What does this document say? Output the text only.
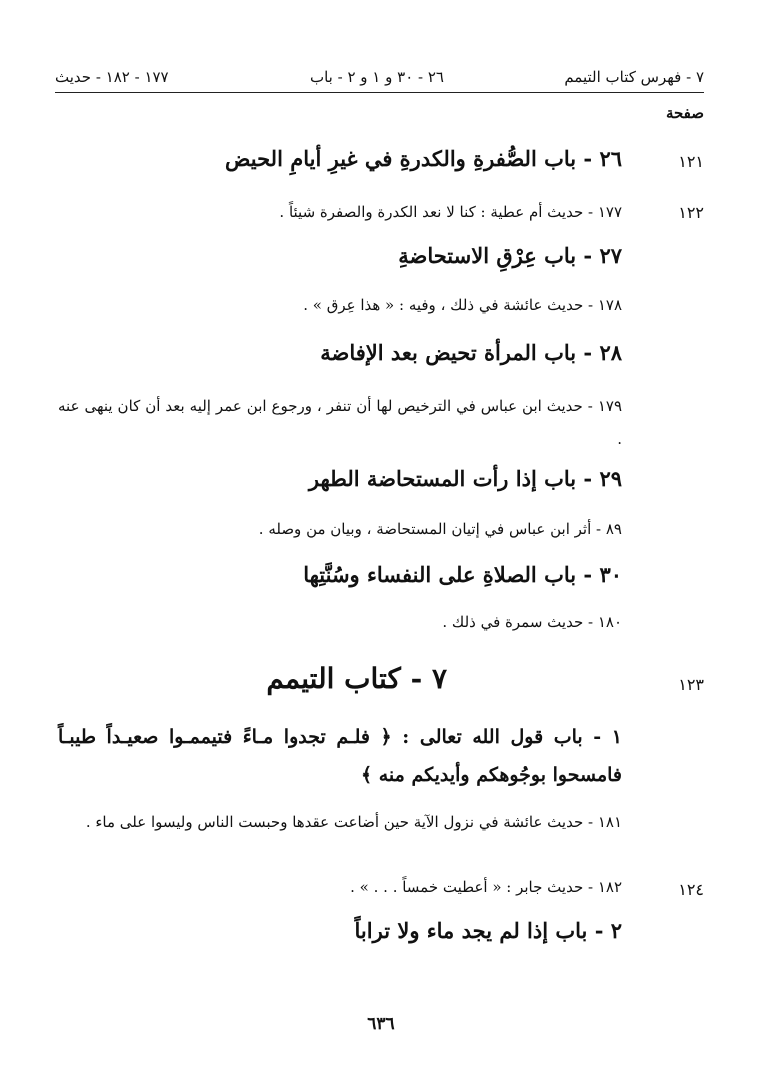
٧ - فهرس كتاب التيمم
٢٦ - ٣٠ و ١ و ٢ - باب
١٧٧ - ١٨٢ - حديث
صفحة
١٢١
٢٦ - باب الصُّفرةِ والكدرةِ في غيرِ أيامِ الحيض
١٢٢
١٧٧ - حديث أم عطية : كنا لا نعد الكدرة والصفرة شيئاً .
٢٧ - باب عِرْقِ الاستحاضةِ
١٧٨ - حديث عائشة في ذلك ، وفيه : « هذا عِرق » .
٢٨ - باب المرأة تحيض بعد الإفاضة
١٧٩ - حديث ابن عباس في الترخيص لها أن تنفر ، ورجوع ابن عمر إليه بعد أن كان ينهى عنه .
٢٩ - باب إذا رأت المستحاضة الطهر
٨٩ - أثر ابن عباس في إتيان المستحاضة ، وبيان من وصله .
٣٠ - باب الصلاةِ على النفساء وسُنَّتِها
١٨٠ - حديث سمرة في ذلك .
١٢٣
٧ - كتاب التيمم
١ - باب قول الله تعالى : ﴿ فلـم تجدوا مـاءً فتيممـوا صعيـداً طيبـاً فامسحوا بوجُوهكم وأيديكم منه ﴾
١٨١ - حديث عائشة في نزول الآية حين أضاعت عقدها وحبست الناس وليسوا على ماء .
١٢٤
١٨٢ - حديث جابر : « أعطيت خمساً . . . » .
٢ - باب إذا لم يجد ماء ولا تراباً
٦٣٦
